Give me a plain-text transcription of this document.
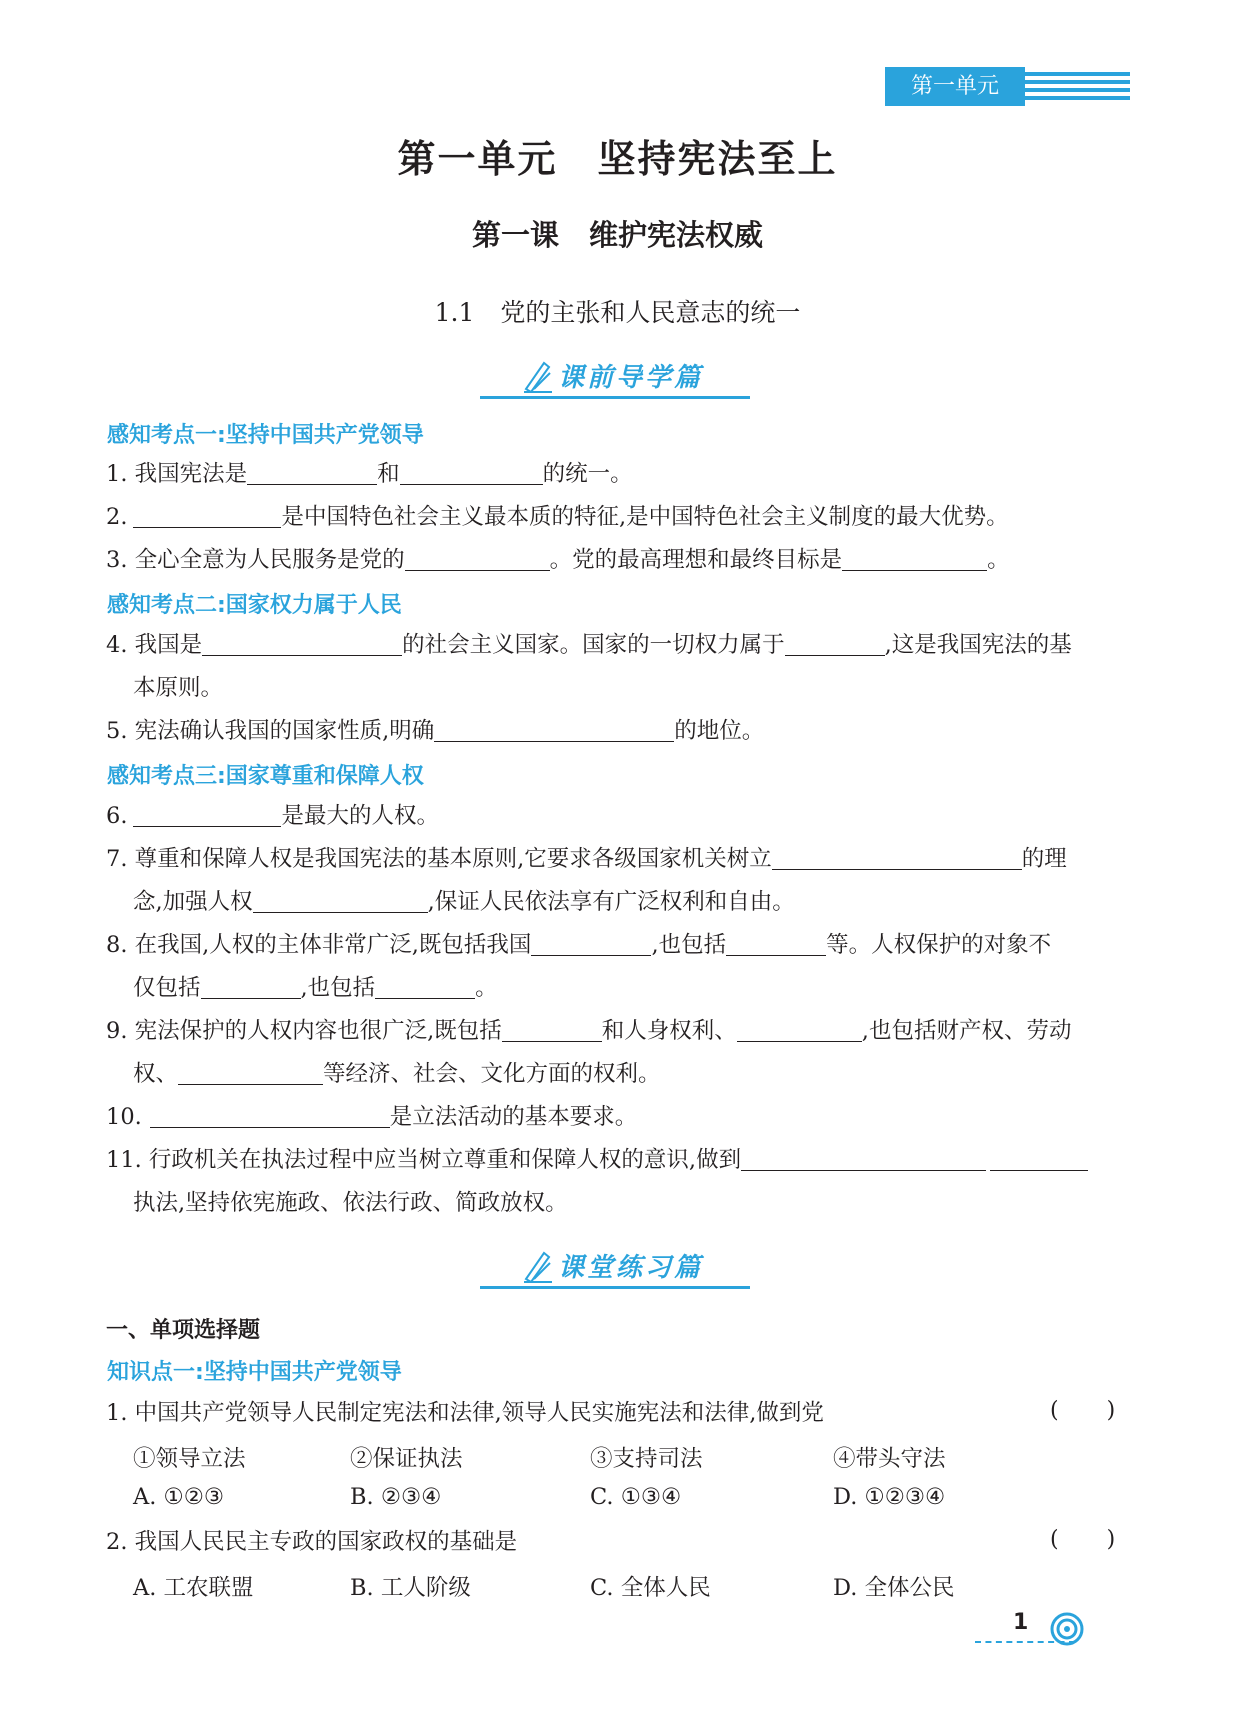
第一单元
第一单元 坚持宪法至上
第一课 维护宪法权威
1.1 党的主张和人民意志的统一
课前导学篇
感知考点一:坚持中国共产党领导
1. 我国宪法是	和	的统一。
2.	是中国特色社会主义最本质的特征,是中国特色社会主义制度的最大优势。
3. 全心全意为人民服务是党的	。党的最高理想和最终目标是	。
感知考点二:国家权力属于人民
4. 我国是	的社会主义国家。国家的一切权力属于	,这是我国宪法的基
本原则。
5. 宪法确认我国的国家性质,明确	的地位。
感知考点三:国家尊重和保障人权
6.	是最大的人权。
7. 尊重和保障人权是我国宪法的基本原则,它要求各级国家机关树立	的理
念,加强人权	,保证人民依法享有广泛权利和自由。
8. 在我国,人权的主体非常广泛,既包括我国	,也包括	等。人权保护的对象不
仅包括	,也包括	。
9. 宪法保护的人权内容也很广泛,既包括	和人身权利、	,也包括财产权、劳动
权、	等经济、社会、文化方面的权利。
10.	是立法活动的基本要求。
11. 行政机关在执法过程中应当树立尊重和保障人权的意识,做到
执法,坚持依宪施政、依法行政、简政放权。
课堂练习篇
一、单项选择题
知识点一:坚持中国共产党领导
1. 中国共产党领导人民制定宪法和法律,领导人民实施宪法和法律,做到党	( )
①领导立法	②保证执法	③支持司法	④带头守法
A. ①②③	B. ②③④	C. ①③④	D. ①②③④
2. 我国人民民主专政的国家政权的基础是	( )
A. 工农联盟	B. 工人阶级	C. 全体人民	D. 全体公民
1
